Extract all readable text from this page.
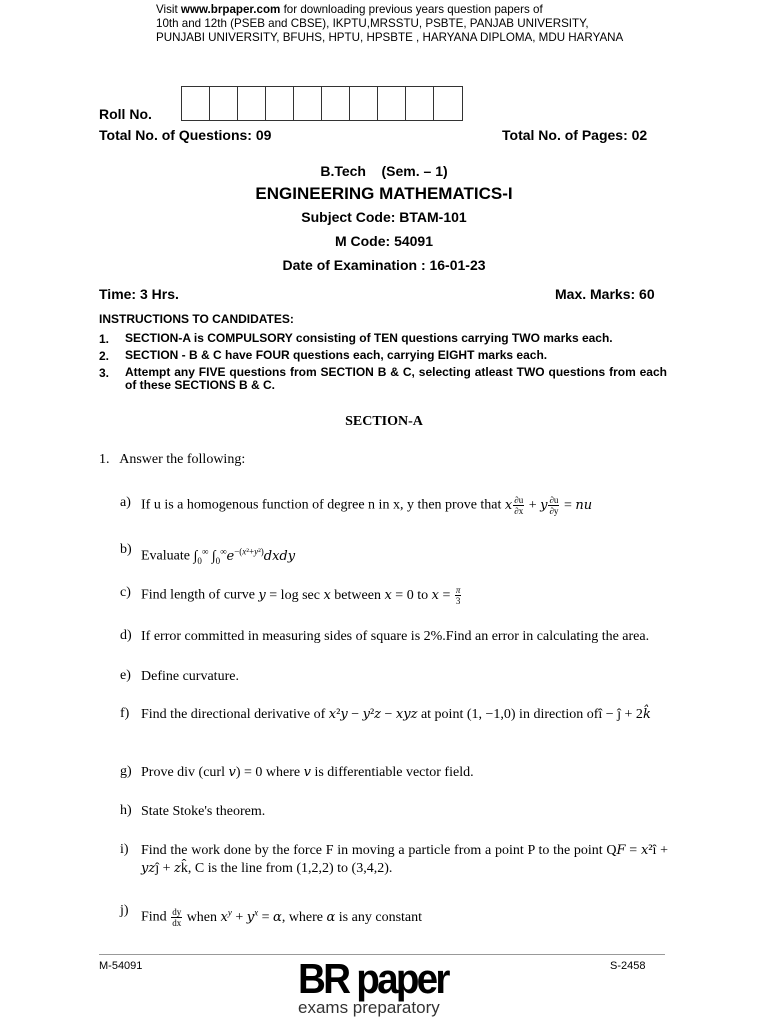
Visit www.brpaper.com for downloading previous years question papers of
10th and 12th (PSEB and CBSE), IKPTU,MRSSTU, PSBTE, PANJAB UNIVERSITY,
PUNJABI UNIVERSITY, BFUHS, HPTU, HPSBTE , HARYANA DIPLOMA, MDU HARYANA
Roll No.
Total No. of Questions: 09	Total No. of Pages: 02
B.Tech    (Sem. – 1)
ENGINEERING MATHEMATICS-I
Subject Code: BTAM-101
M Code: 54091
Date of Examination : 16-01-23
Time: 3 Hrs.	Max. Marks: 60
INSTRUCTIONS TO CANDIDATES:
1. SECTION-A is COMPULSORY consisting of TEN questions carrying TWO marks each.
2. SECTION - B & C have FOUR questions each, carrying EIGHT marks each.
3. Attempt any FIVE questions from SECTION B & C, selecting atleast TWO questions from each of these SECTIONS B & C.
SECTION-A
1.   Answer the following:
a) If u is a homogenous function of degree n in x, y then prove that x $\frac{\partial u}{\partial x} + y \frac{\partial u}{\partial y}$ = nu
b) Evaluate $\int_0^\infty$ $\int_0^\infty e^{-(x^2+y^2)}dxdy$
c) Find length of curve y = log sec x between x = 0 to $x = \frac{\pi}{3}$
d) If error committed in measuring sides of square is 2%.Find an error in calculating the area.
e) Define curvature.
f) Find the directional derivative of x²y − y²z − xyz at point (1, −1,0) in direction ofî − ĵ + 2k̂
g) Prove div (curl v) = 0 where v is differentiable vector field.
h) State Stoke's theorem.
i) Find the work done by the force F in moving a particle from a point P to the point QF = x²î + yzĵ + zk̂, C is the line from (1,2,2) to (3,4,2).
j) Find $\frac{dy}{dx}$ when $x^y + y^x = \alpha$, where α is any constant
M-54091	S-2458
BR paper
exams preparatory
